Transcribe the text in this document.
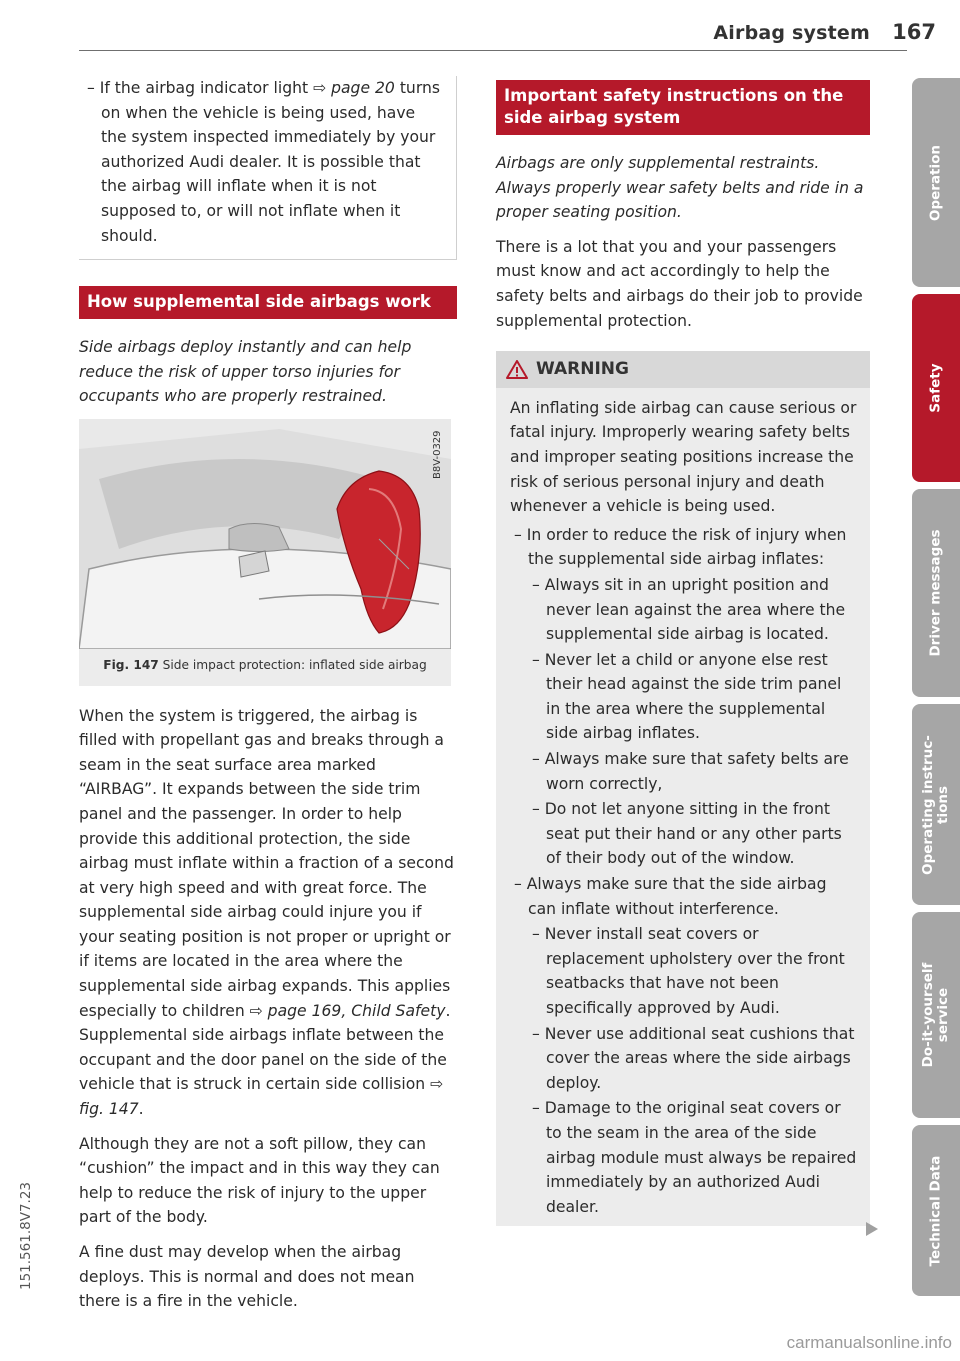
Airbag system 167

– If the airbag indicator light ⇨ page 20 turns on when the vehicle is being used, have the system inspected immediately by your authorized Audi dealer. It is possible that the airbag will inflate when it is not supposed to, or will not inflate when it should.

How supplemental side airbags work

Side airbags deploy instantly and can help reduce the risk of upper torso injuries for occupants who are properly restrained.

B8V-0329
Fig. 147 Side impact protection: inflated side airbag

When the system is triggered, the airbag is filled with propellant gas and breaks through a seam in the seat surface area marked “AIRBAG”. It expands between the side trim panel and the passenger. In order to help provide this additional protection, the side airbag must inflate within a fraction of a second at very high speed and with great force. The supplemental side airbag could injure you if your seating position is not proper or upright or if items are located in the area where the supplemental side airbag expands. This applies especially to children ⇨ page 169, Child Safety. Supplemental side airbags inflate between the occupant and the door panel on the side of the vehicle that is struck in certain side collision ⇨ fig. 147.

Although they are not a soft pillow, they can “cushion” the impact and in this way they can help to reduce the risk of injury to the upper part of the body.

A fine dust may develop when the airbag deploys. This is normal and does not mean there is a fire in the vehicle.

Important safety instructions on the side airbag system

Airbags are only supplemental restraints. Always properly wear safety belts and ride in a proper seating position.

There is a lot that you and your passengers must know and act accordingly to help the safety belts and airbags do their job to provide supplemental protection.

WARNING

An inflating side airbag can cause serious or fatal injury. Improperly wearing safety belts and improper seating positions increase the risk of serious personal injury and death whenever a vehicle is being used.

– In order to reduce the risk of injury when the supplemental side airbag inflates:

– Always sit in an upright position and never lean against the area where the supplemental side airbag is located.

– Never let a child or anyone else rest their head against the side trim panel in the area where the supplemental side airbag inflates.

– Always make sure that safety belts are worn correctly,

– Do not let anyone sitting in the front seat put their hand or any other parts of their body out of the window.

– Always make sure that the side airbag can inflate without interference.

– Never install seat covers or replacement upholstery over the front seatbacks that have not been specifically approved by Audi.

– Never use additional seat cushions that cover the areas where the side airbags deploy.

– Damage to the original seat covers or to the seam in the area of the side airbag module must always be repaired immediately by an authorized Audi dealer.

Operation
Safety
Driver messages
Operating instruc-
tions
Do-it-yourself
service
Technical Data
151.561.8V7.23
carmanualsonline.info
